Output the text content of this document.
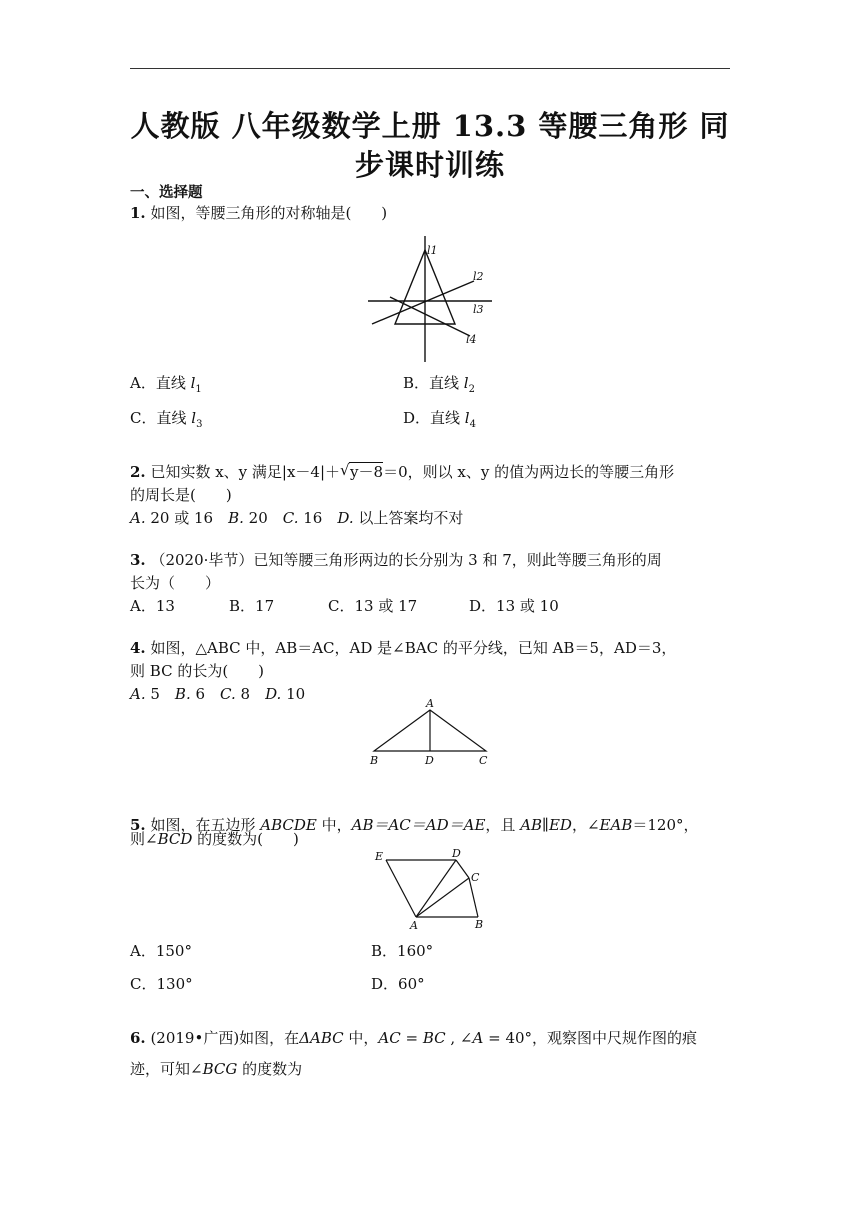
人教版 八年级数学上册 13.3 等腰三角形 同
步课时训练
一、选择题
1. 如图，等腰三角形的对称轴是(　　)
l1
l2
l3
l4
A．直线 $l_1$	B．直线 $l_2$
C．直线 $l_3$	D．直线 $l_4$
2. 已知实数 x、y 满足|x－4|＋ √ y－8＝0，则以 x、y 的值为两边长的等腰三角形
的周长是(　　)
A. 20 或 16　B. 20　C. 16　D. 以上答案均不对
3. （2020·毕节）已知等腰三角形两边的长分别为 3 和 7，则此等腰三角形的周
长为（　　）
A．13	B．17	C．13 或 17	D．13 或 10
4. 如图，△ABC 中，AB＝AC，AD 是∠BAC 的平分线，已知 AB＝5，AD＝3，
则 BC 的长为(　　)
A. 5　B. 6　C. 8　D. 10
A
B	D	C
5. 如图，在五边形 ABCDE 中，AB＝AC＝AD＝AE，且 AB∥ED，∠EAB＝120°，
则∠BCD 的度数为(　　)
E	D
C
A	B
A．150°	B．160°
C．130°	D．60°
6. (2019•广西)如图，在ΔABC 中，AC = BC , ∠A = 40°，观察图中尺规作图的痕
迹，可知∠BCG 的度数为
